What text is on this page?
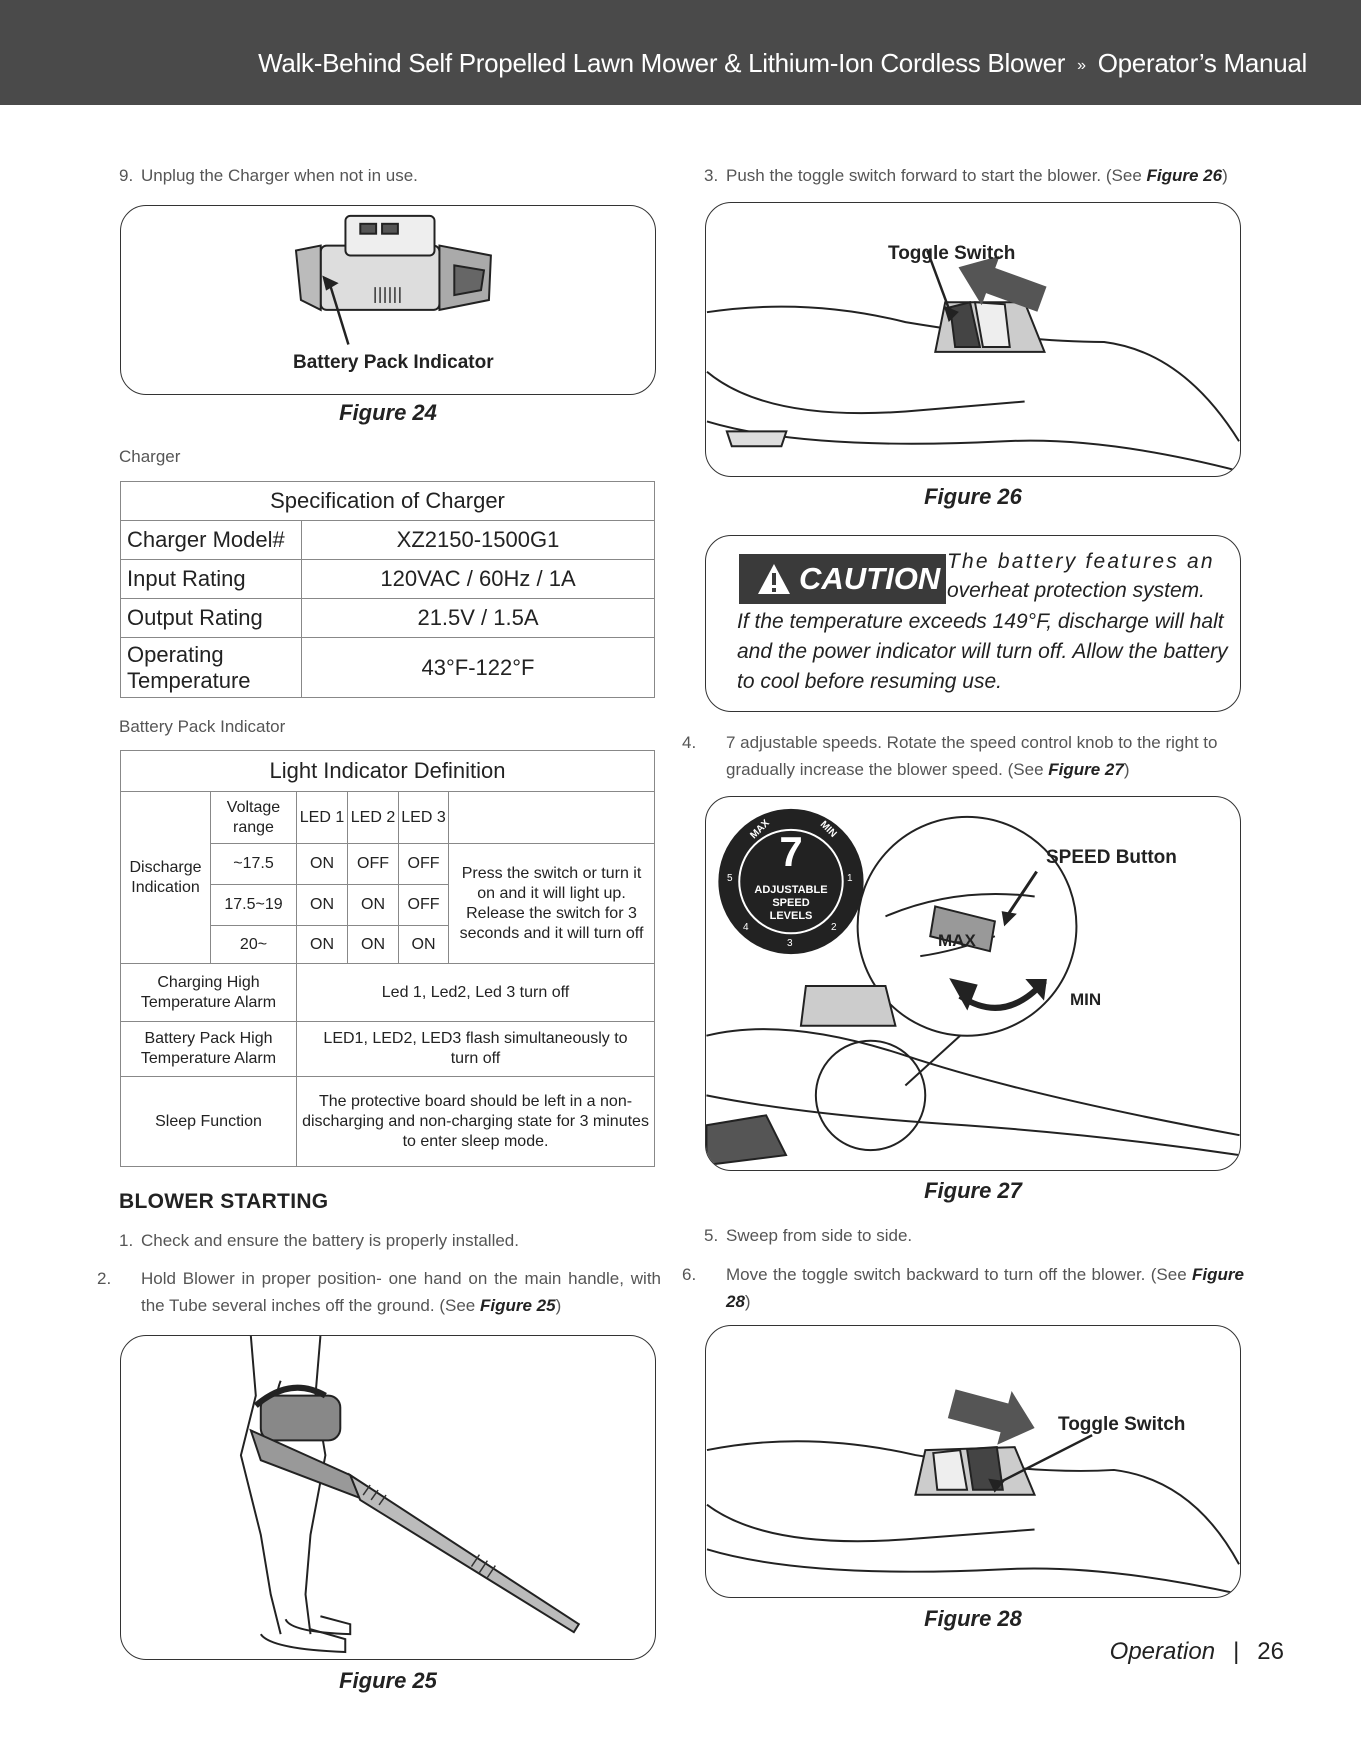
Walk-Behind Self Propelled Lawn Mower & Lithium-Ion Cordless Blower » Operator’s Manual
9. Unplug the Charger when not in use.
Battery Pack Indicator
Figure 24
Charger
Specification of Charger	
Charger Model#	XZ2150-1500G1
Input Rating	120VAC / 60Hz / 1A
Output Rating	21.5V / 1.5A
Operating Temperature	43°F-122°F
Battery Pack Indicator
Light Indicator Definition					
Discharge Indication	Voltage range	LED 1	LED 2	LED 3	
	~17.5	ON	OFF	OFF	Press the switch or turn it on and it will light up. Release the switch for 3 seconds and it will turn off
	17.5~19	ON	ON	OFF	
	20~	ON	ON	ON	
Charging High Temperature Alarm		Led 1, Led2, Led 3 turn off			
Battery Pack High Temperature Alarm		LED1, LED2, LED3 flash simultaneously to turn off			
Sleep Function		The protective board should be left in a non-discharging and non-charging state for 3 minutes to enter sleep mode.			
BLOWER STARTING
1. Check and ensure the battery is properly installed.
2. Hold Blower in proper position- one hand on the main handle, with the Tube several inches off the ground. (See Figure 25)
Figure 25
3. Push the toggle switch forward to start the blower. (See Figure 26)
Toggle Switch
Figure 26
CAUTION The battery features an
overheat protection system.
If the temperature exceeds 149°F, discharge will halt
and the power indicator will turn off. Allow the battery
to cool before resuming use.
4. 7 adjustable speeds. Rotate the speed control knob to the right to gradually increase the blower speed. (See Figure 27)
7
ADJUSTABLE
SPEED
LEVELS
MAX	MIN
1
2
3
4
5
SPEED Button
MAX
MIN
Figure 27
5. Sweep from side to side.
6. Move the toggle switch backward to turn off the blower. (See Figure 28)
Toggle Switch
Figure 28
Operation | 26
